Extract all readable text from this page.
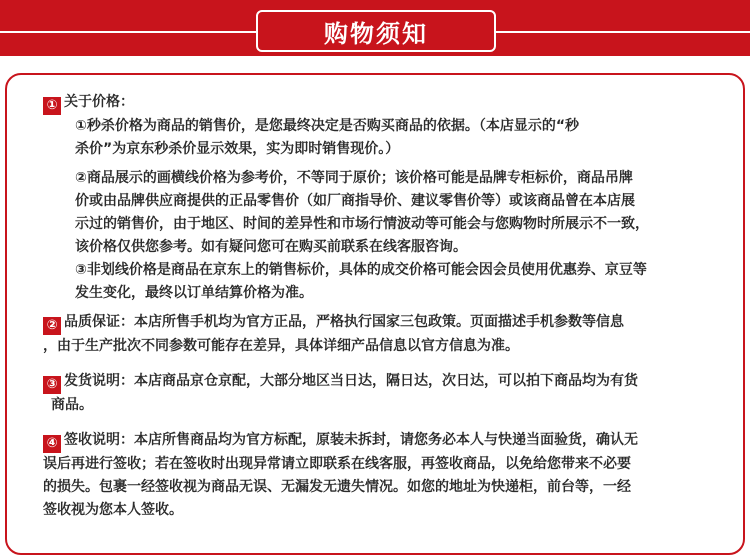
购物须知
① 关于价格：
①秒杀价格为商品的销售价，是您最终决定是否购买商品的依据。（本店显示的“秒
杀价”为京东秒杀价显示效果，实为即时销售现价。）
②商品展示的画横线价格为参考价，不等同于原价；该价格可能是品牌专柜标价，商品吊牌
价或由品牌供应商提供的正品零售价（如厂商指导价、建议零售价等）或该商品曾在本店展
示过的销售价，由于地区、时间的差异性和市场行情波动等可能会与您购物时所展示不一致，
该价格仅供您参考。如有疑问您可在购买前联系在线客服咨询。
③非划线价格是商品在京东上的销售标价，具体的成交价格可能会因会员使用优惠券、京豆等
发生变化，最终以订单结算价格为准。
② 品质保证：本店所售手机均为官方正品，严格执行国家三包政策。页面描述手机参数等信息
，由于生产批次不同参数可能存在差异，具体详细产品信息以官方信息为准。
③ 发货说明：本店商品京仓京配，大部分地区当日达，隔日达，次日达，可以拍下商品均为有货
商品。
④ 签收说明：本店所售商品均为官方标配，原装未拆封，请您务必本人与快递当面验货，确认无
误后再进行签收；若在签收时出现异常请立即联系在线客服，再签收商品，以免给您带来不必要
的损失。包裹一经签收视为商品无误、无漏发无遗失情况。如您的地址为快递柜，前台等，一经
签收视为您本人签收。
